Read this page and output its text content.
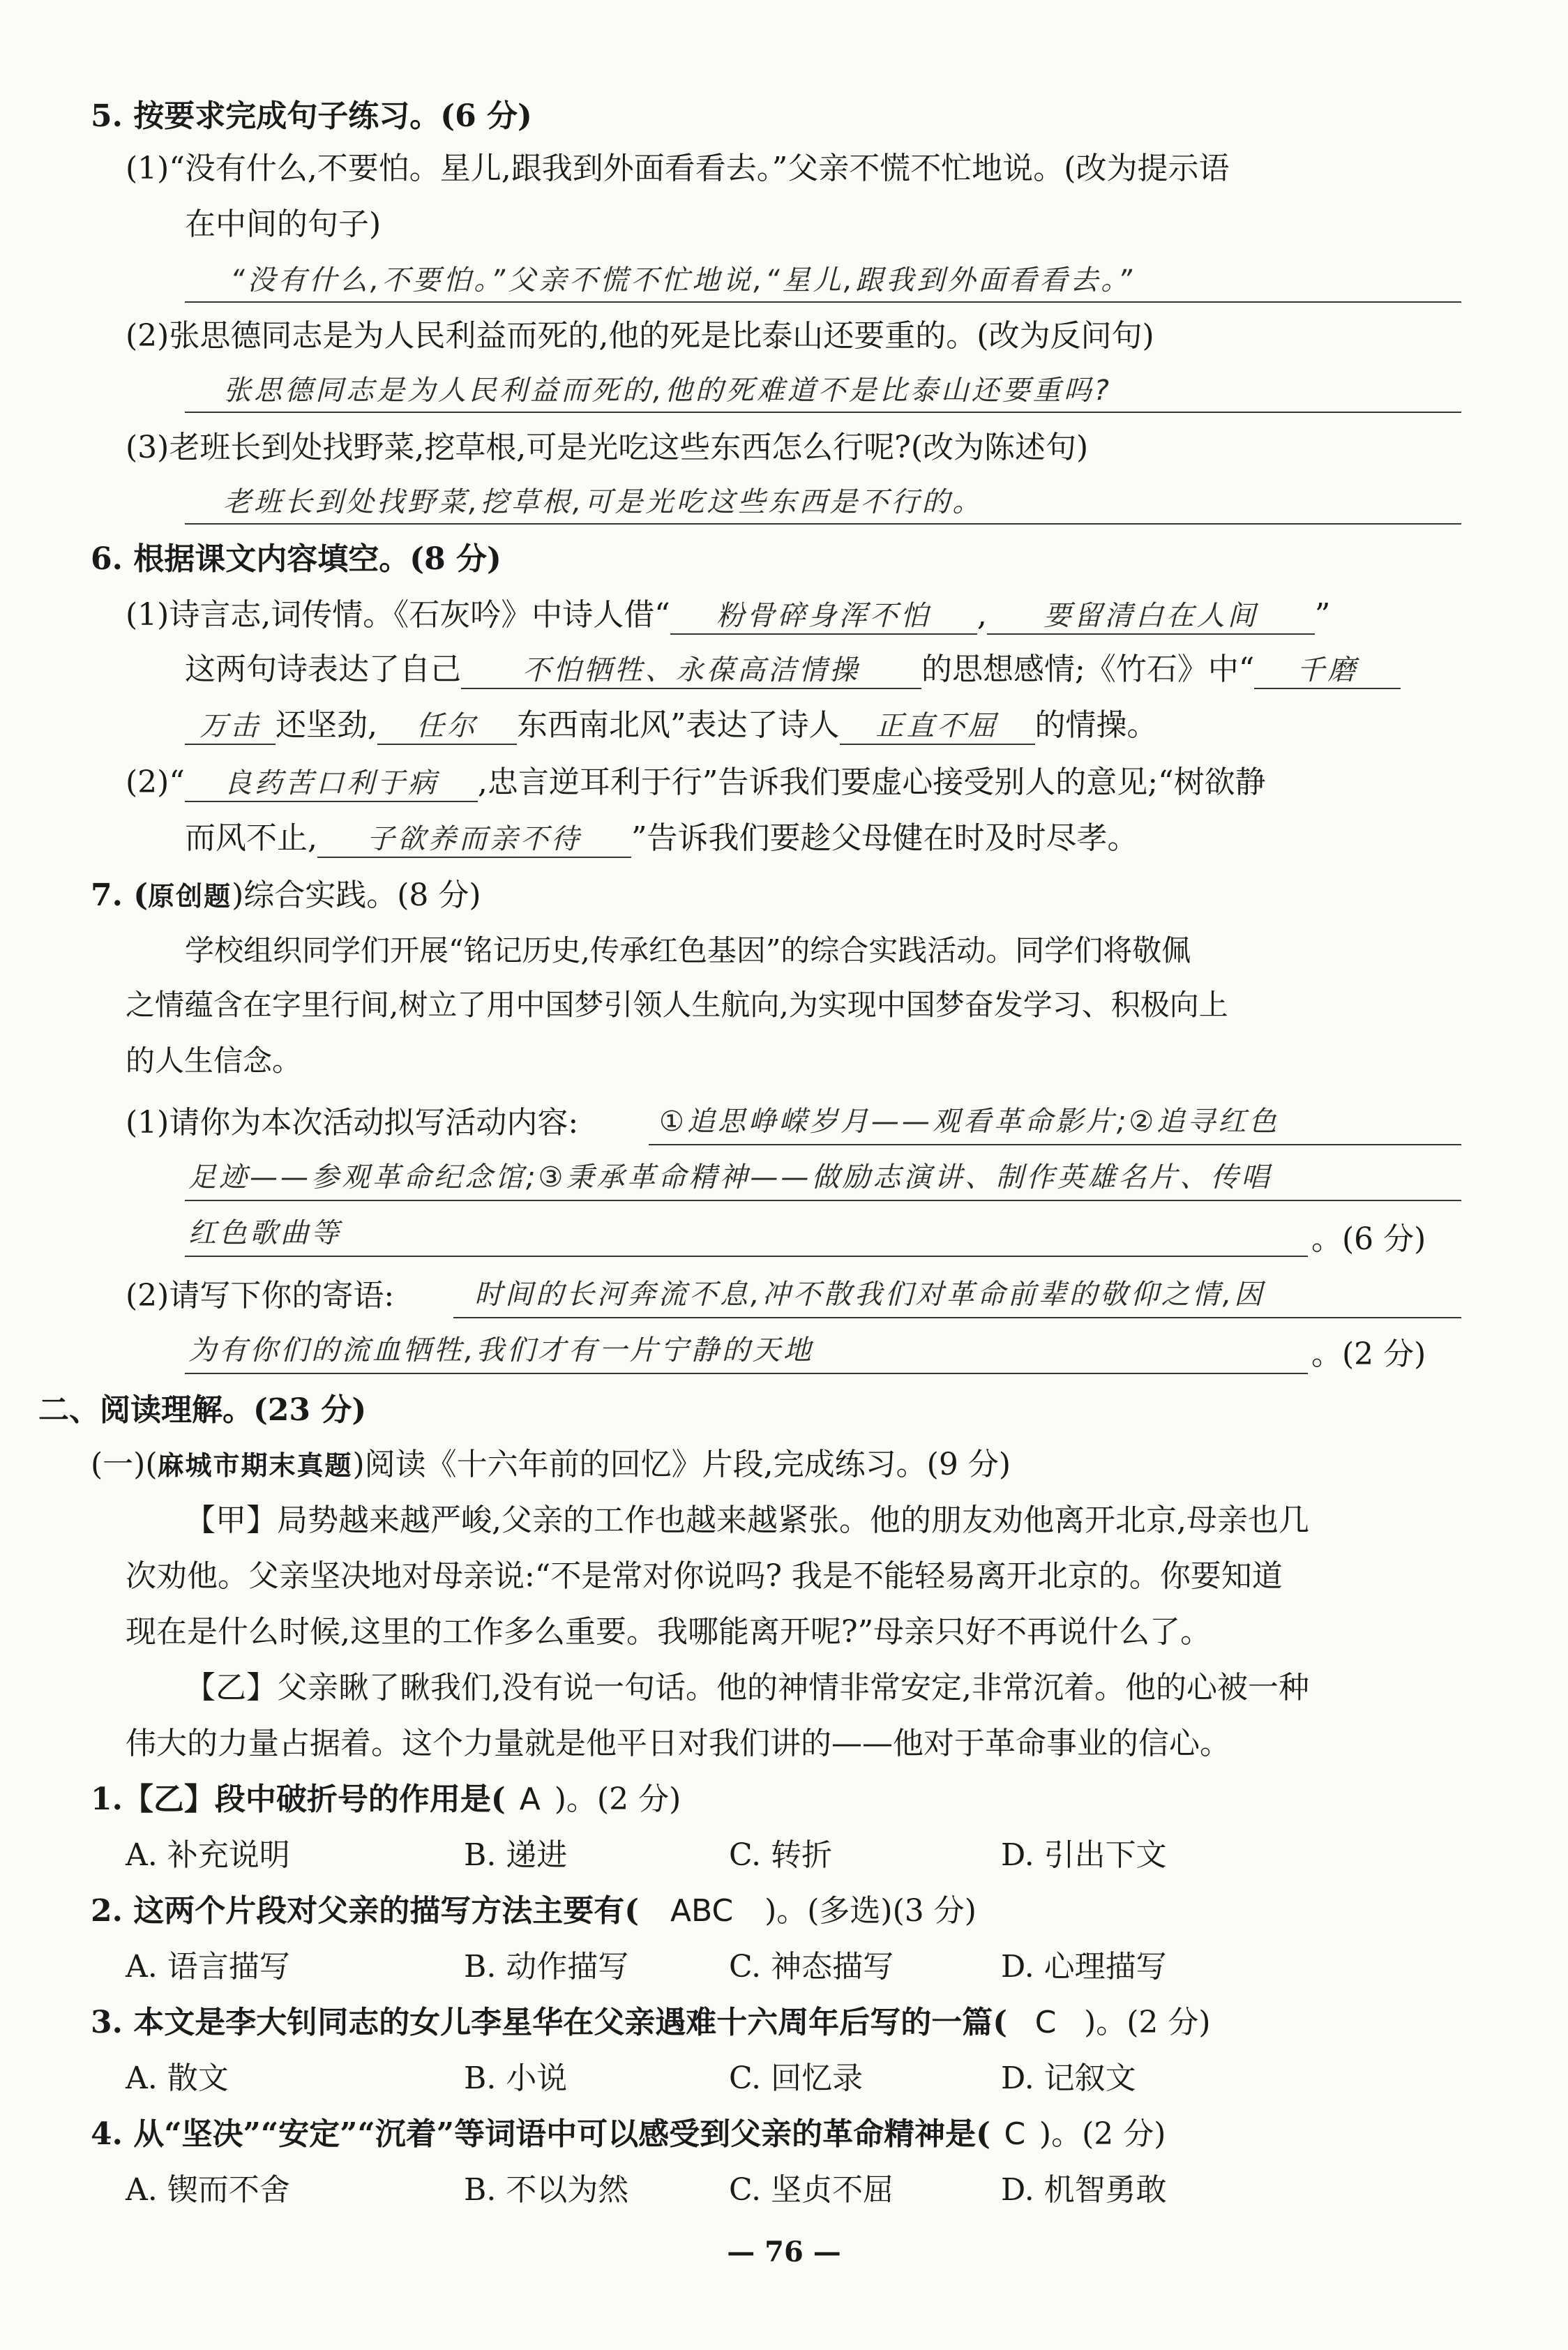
5. 按要求完成句子练习。(6 分)
(1)“没有什么,不要怕。星儿,跟我到外面看看去。”父亲不慌不忙地说。(改为提示语
在中间的句子)
“没有什么,不要怕。”父亲不慌不忙地说,“星儿,跟我到外面看看去。”
(2)张思德同志是为人民利益而死的,他的死是比泰山还要重的。(改为反问句)
张思德同志是为人民利益而死的,他的死难道不是比泰山还要重吗?
(3)老班长到处找野菜,挖草根,可是光吃这些东西怎么行呢?(改为陈述句)
老班长到处找野菜,挖草根,可是光吃这些东西是不行的。
6. 根据课文内容填空。(8 分)
(1)诗言志,词传情。《石灰吟》中诗人借“ 粉骨碎身浑不怕 , 要留清白在人间 ”
这两句诗表达了自己 不怕牺牲、永葆高洁情操 的思想感情;《竹石》中“ 千磨
万击 还坚劲, 任尔 东西南北风”表达了诗人 正直不屈 的情操。
(2)“ 良药苦口利于病 ,忠言逆耳利于行”告诉我们要虚心接受别人的意见;“树欲静
而风不止, 子欲养而亲不待 ”告诉我们要趁父母健在时及时尽孝。
7. (原创题)综合实践。(8 分)
学校组织同学们开展“铭记历史,传承红色基因”的综合实践活动。同学们将敬佩
之情蕴含在字里行间,树立了用中国梦引领人生航向,为实现中国梦奋发学习、积极向上
的人生信念。
(1)请你为本次活动拟写活动内容:	①追思峥嵘岁月——观看革命影片;②追寻红色
足迹——参观革命纪念馆;③秉承革命精神——做励志演讲、制作英雄名片、传唱
红色歌曲等	。(6 分)
(2)请写下你的寄语:	时间的长河奔流不息,冲不散我们对革命前辈的敬仰之情,因
为有你们的流血牺牲,我们才有一片宁静的天地	。(2 分)
二、阅读理解。(23 分)
(一)(麻城市期末真题)阅读《十六年前的回忆》片段,完成练习。(9 分)
【甲】局势越来越严峻,父亲的工作也越来越紧张。他的朋友劝他离开北京,母亲也几
次劝他。父亲坚决地对母亲说:“不是常对你说吗? 我是不能轻易离开北京的。你要知道
现在是什么时候,这里的工作多么重要。我哪能离开呢?”母亲只好不再说什么了。
【乙】父亲瞅了瞅我们,没有说一句话。他的神情非常安定,非常沉着。他的心被一种
伟大的力量占据着。这个力量就是他平日对我们讲的——他对于革命事业的信心。
1.【乙】段中破折号的作用是( A )。(2 分)
A. 补充说明	B. 递进	C. 转折	D. 引出下文
2. 这两个片段对父亲的描写方法主要有( ABC )。(多选)(3 分)
A. 语言描写	B. 动作描写	C. 神态描写	D. 心理描写
3. 本文是李大钊同志的女儿李星华在父亲遇难十六周年后写的一篇( C )。(2 分)
A. 散文	B. 小说	C. 回忆录	D. 记叙文
4. 从“坚决”“安定”“沉着”等词语中可以感受到父亲的革命精神是( C )。(2 分)
A. 锲而不舍	B. 不以为然	C. 坚贞不屈	D. 机智勇敢
— 76 —
